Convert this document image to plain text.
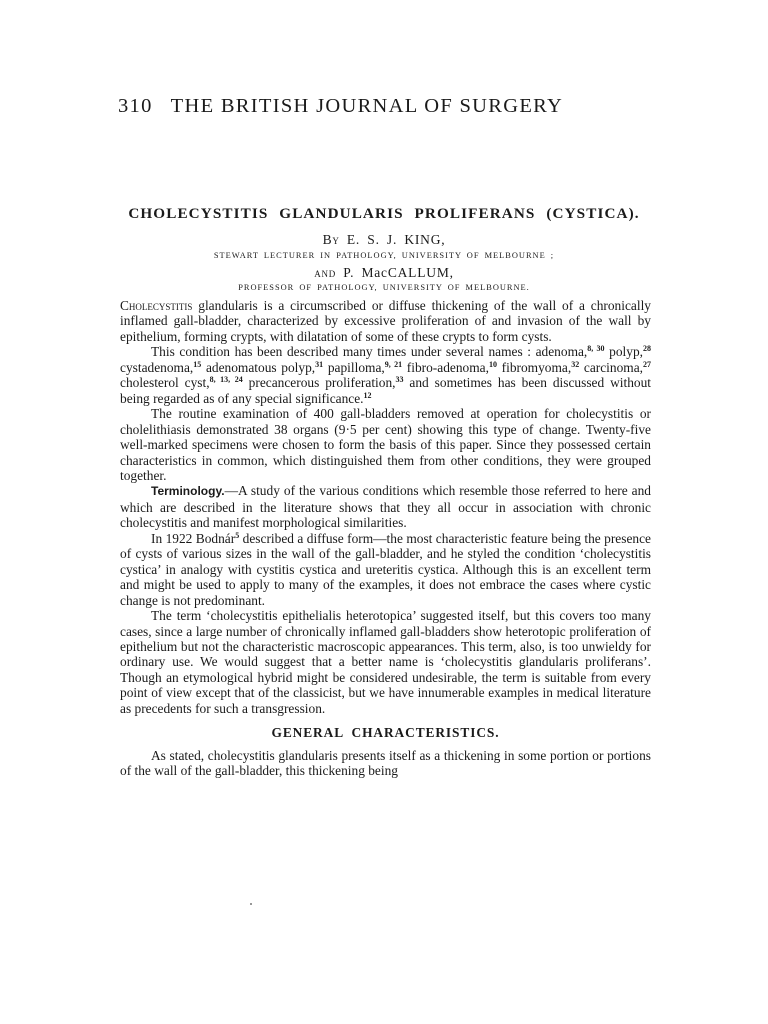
310 THE BRITISH JOURNAL OF SURGERY
CHOLECYSTITIS GLANDULARIS PROLIFERANS (CYSTICA).
By E. S. J. KING,
STEWART LECTURER IN PATHOLOGY, UNIVERSITY OF MELBOURNE ;
and P. MacCALLUM,
PROFESSOR OF PATHOLOGY, UNIVERSITY OF MELBOURNE.

Cholecystitis glandularis is a circumscribed or diffuse thickening of the wall of a chronically inflamed gall-bladder, characterized by excessive proliferation of and invasion of the wall by epithelium, forming crypts, with dilatation of some of these crypts to form cysts.

This condition has been described many times under several names : adenoma,$^{8, 30}$ polyp,$^{28}$ cystadenoma,$^{15}$ adenomatous polyp,$^{31}$ papilloma,$^{9, 21}$ fibro-adenoma,$^{10}$ fibromyoma,$^{32}$ carcinoma,$^{27}$ cholesterol cyst,$^{8, 13, 24}$ precancerous proliferation,$^{33}$ and sometimes has been discussed without being regarded as of any special significance.$^{12}$

The routine examination of 400 gall-bladders removed at operation for cholecystitis or cholelithiasis demonstrated 38 organs (9·5 per cent) showing this type of change. Twenty-five well-marked specimens were chosen to form the basis of this paper. Since they possessed certain characteristics in common, which distinguished them from other conditions, they were grouped together.

Terminology.—A study of the various conditions which resemble those referred to here and which are described in the literature shows that they all occur in association with chronic cholecystitis and manifest morphological similarities.

In 1922 Bodnár$^5$ described a diffuse form—the most characteristic feature being the presence of cysts of various sizes in the wall of the gall-bladder, and he styled the condition ‘cholecystitis cystica’ in analogy with cystitis cystica and ureteritis cystica. Although this is an excellent term and might be used to apply to many of the examples, it does not embrace the cases where cystic change is not predominant.

The term ‘cholecystitis epithelialis heterotopica’ suggested itself, but this covers too many cases, since a large number of chronically inflamed gall-bladders show heterotopic proliferation of epithelium but not the characteristic macroscopic appearances. This term, also, is too unwieldy for ordinary use. We would suggest that a better name is ‘cholecystitis glandularis proliferans’. Though an etymological hybrid might be considered undesirable, the term is suitable from every point of view except that of the classicist, but we have innumerable examples in medical literature as precedents for such a transgression.

GENERAL CHARACTERISTICS.

As stated, cholecystitis glandularis presents itself as a thickening in some portion or portions of the wall of the gall-bladder, this thickening being
